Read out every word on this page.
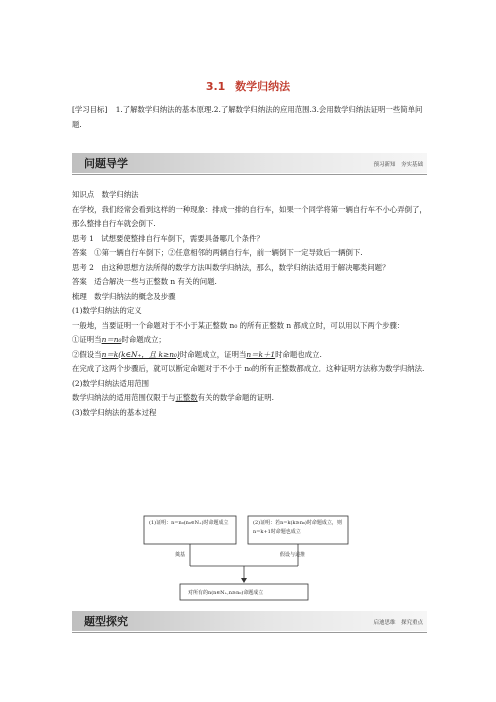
3.1 数学归纳法
[学习目标] 1.了解数学归纳法的基本原理.2.了解数学归纳法的应用范围.3.会用数学归纳法证明一些简单问题.
问题导学	预习新知　夯实基础
知识点　数学归纳法
在学校，我们经常会看到这样的一种现象：排成一排的自行车，如果一个同学将第一辆自行车不小心弄倒了，那么整排自行车就会倒下.
思考 1　试想要使整排自行车倒下，需要具备哪几个条件？
答案　①第一辆自行车倒下；②任意相邻的两辆自行车，前一辆倒下一定导致后一辆倒下.
思考 2　由这种思想方法所得的数学方法叫数学归纳法，那么，数学归纳法适用于解决哪类问题？
答案　适合解决一些与正整数 n 有关的问题.
梳理　数学归纳法的概念及步骤
(1)数学归纳法的定义
一般地，当要证明一个命题对于不小于某正整数 n₀ 的所有正整数 n 都成立时，可以用以下两个步骤：
①证明当n＝n₀时命题成立；
②假设当n＝k(k∈N₊，且 k≥n₀)时命题成立，证明当n＝k＋1时命题也成立.
在完成了这两个步骤后，就可以断定命题对于不小于 n₀的所有正整数都成立．这种证明方法称为数学归纳法.
(2)数学归纳法适用范围
数学归纳法的适用范围仅限于与正整数有关的数学命题的证明.
(3)数学归纳法的基本过程
(1)证明：n=n₀(n₀∈N₊)时命题成立	(2)证明：若n=k(k≥n₀)时命题成立，则n=k+1时命题也成立
奠基	假设与递推
对所有的n(n∈N₊,n≥n₀)命题成立
题型探究	启迪思维　探究重点
